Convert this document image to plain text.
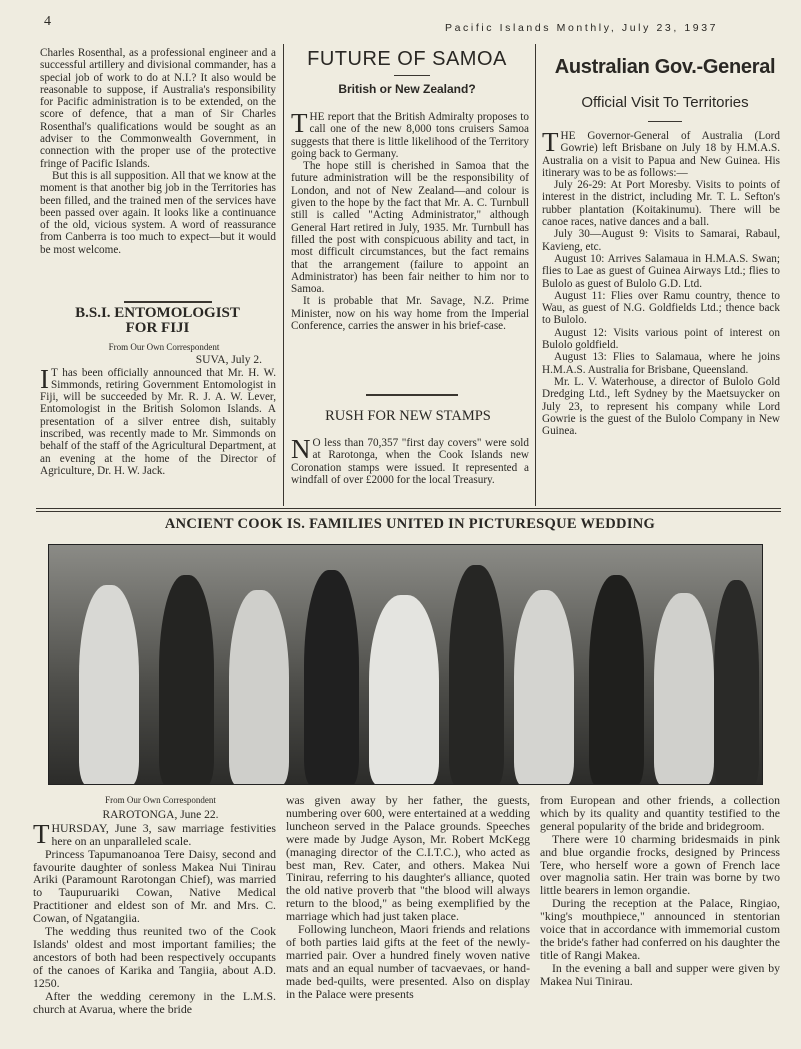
4	Pacific Islands Monthly, July 23, 1937

Charles Rosenthal, as a professional engineer and a successful artillery and divisional commander, has a special job of work to do at N.I.? It also would be reasonable to suppose, if Australia's responsibility for Pacific administration is to be extended, on the score of defence, that a man of Sir Charles Rosenthal's qualifications would be sought as an adviser to the Commonwealth Government, in connection with the proper use of the protective fringe of Pacific Islands.

But this is all supposition. All that we know at the moment is that another big job in the Territories has been filled, and the trained men of the services have been passed over again. It looks like a continuance of the old, vicious system. A word of reassurance from Canberra is too much to expect—but it would be most welcome.

B.S.I. ENTOMOLOGIST FOR FIJI

From Our Own Correspondent

SUVA, July 2.

I T has been officially announced that Mr. H. W. Simmonds, retiring Government Entomologist in Fiji, will be succeeded by Mr. R. J. A. W. Lever, Entomologist in the British Solomon Islands. A presentation of a silver entree dish, suitably inscribed, was recently made to Mr. Simmonds on behalf of the staff of the Agricultural Department, at an evening at the home of the Director of Agriculture, Dr. H. W. Jack.

FUTURE OF SAMOA
British or New Zealand?

THE report that the British Admiralty proposes to call one of the new 8,000 tons cruisers Samoa suggests that there is little likelihood of the Territory going back to Germany.

The hope still is cherished in Samoa that the future administration will be the responsibility of London, and not of New Zealand—and colour is given to the hope by the fact that Mr. A. C. Turnbull still is called "Acting Administrator," although General Hart retired in July, 1935. Mr. Turnbull has filled the post with conspicuous ability and tact, in most difficult circumstances, but the fact remains that the arrangement (failure to appoint an Administrator) has been fair neither to him nor to Samoa.

It is probable that Mr. Savage, N.Z. Prime Minister, now on his way home from the Imperial Conference, carries the answer in his brief-case.

RUSH FOR NEW STAMPS

N O less than 70,357 "first day covers" were sold at Rarotonga, when the Cook Islands new Coronation stamps were issued. It represented a windfall of over £2000 for the local Treasury.

Australian Gov.-General
Official Visit To Territories

THE Governor-General of Australia (Lord Gowrie) left Brisbane on July 18 by H.M.A.S. Australia on a visit to Papua and New Guinea. His itinerary was to be as follows:—

July 26-29: At Port Moresby. Visits to points of interest in the district, including Mr. T. L. Sefton's rubber plantation (Koitakinumu). There will be canoe races, native dances and a ball.

July 30—August 9: Visits to Samarai, Rabaul, Kavieng, etc.

August 10: Arrives Salamaua in H.M.A.S. Swan; flies to Lae as guest of Guinea Airways Ltd.; flies to Bulolo as guest of Bulolo G.D. Ltd.

August 11: Flies over Ramu country, thence to Wau, as guest of N.G. Goldfields Ltd.; thence back to Bulolo.

August 12: Visits various point of interest on Bulolo goldfield.

August 13: Flies to Salamaua, where he joins H.M.A.S. Australia for Brisbane, Queensland.

Mr. L. V. Waterhouse, a director of Bulolo Gold Dredging Ltd., left Sydney by the Maetsuycker on July 23, to represent his company while Lord Gowrie is the guest of the Bulolo Company in New Guinea.

ANCIENT COOK IS. FAMILIES UNITED IN PICTURESQUE WEDDING

From Our Own Correspondent

RAROTONGA, June 22.

THURSDAY, June 3, saw marriage festivities here on an unparalleled scale.

Princess Tapumanoanoa Tere Daisy, second and favourite daughter of sonless Makea Nui Tinirau Ariki (Paramount Rarotongan Chief), was married to Taupuruariki Cowan, Native Medical Practitioner and eldest son of Mr. and Mrs. C. Cowan, of Ngatangiia.

The wedding thus reunited two of the Cook Islands' oldest and most important families; the ancestors of both had been respectively occupants of the canoes of Karika and Tangiia, about A.D. 1250.

After the wedding ceremony in the L.M.S. church at Avarua, where the bride

was given away by her father, the guests, numbering over 600, were entertained at a wedding luncheon served in the Palace grounds. Speeches were made by Judge Ayson, Mr. Robert McKegg (managing director of the C.I.T.C.), who acted as best man, Rev. Cater, and others. Makea Nui Tinirau, referring to his daughter's alliance, quoted the old native proverb that "the blood will always return to the blood," as being exemplified by the marriage which had just taken place.

Following luncheon, Maori friends and relations of both parties laid gifts at the feet of the newly-married pair. Over a hundred finely woven native mats and an equal number of tacvaevaes, or hand-made bed-quilts, were presented. Also on display in the Palace were presents

from European and other friends, a collection which by its quality and quantity testified to the general popularity of the bride and bridegroom.

There were 10 charming bridesmaids in pink and blue organdie frocks, designed by Princess Tere, who herself wore a gown of French lace over magnolia satin. Her train was borne by two little bearers in lemon organdie.

During the reception at the Palace, Ringiao, "king's mouthpiece," announced in stentorian voice that in accordance with immemorial custom the bride's father had conferred on his daughter the title of Rangi Makea.

In the evening a ball and supper were given by Makea Nui Tinirau.
